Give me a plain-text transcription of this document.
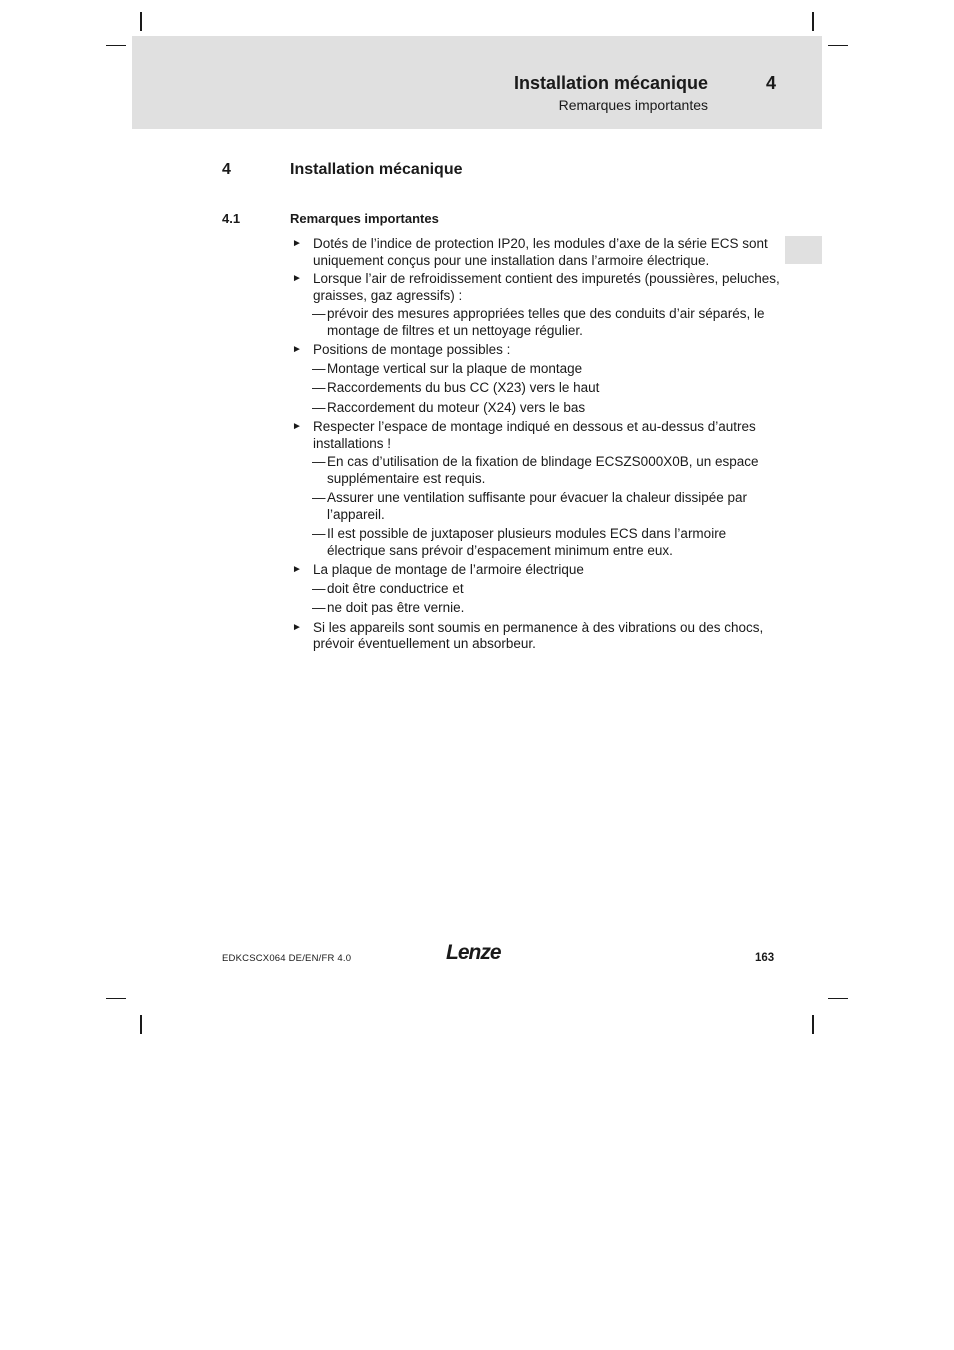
Installation mécanique	4
Remarques importantes
4	Installation mécanique
4.1	Remarques importantes
► Dotés de l’indice de protection IP20, les modules d’axe de la série ECS sont uniquement conçus pour une installation dans l’armoire électrique.
► Lorsque l’air de refroidissement contient des impuretés (poussières, peluches, graisses, gaz agressifs) :
— prévoir des mesures appropriées telles que des conduits d’air séparés, le montage de filtres et un nettoyage régulier.
► Positions de montage possibles :
— Montage vertical sur la plaque de montage
— Raccordements du bus CC (X23) vers le haut
— Raccordement du moteur (X24) vers le bas
► Respecter l’espace de montage indiqué en dessous et au-dessus d’autres installations !
— En cas d’utilisation de la fixation de blindage ECSZS000X0B, un espace supplémentaire est requis.
— Assurer une ventilation suffisante pour évacuer la chaleur dissipée par l’appareil.
— Il est possible de juxtaposer plusieurs modules ECS dans l’armoire électrique sans prévoir d’espacement minimum entre eux.
► La plaque de montage de l’armoire électrique
— doit être conductrice et
— ne doit pas être vernie.
► Si les appareils sont soumis en permanence à des vibrations ou des chocs, prévoir éventuellement un absorbeur.
EDKCSCX064 DE/EN/FR 4.0	Lenze	163
